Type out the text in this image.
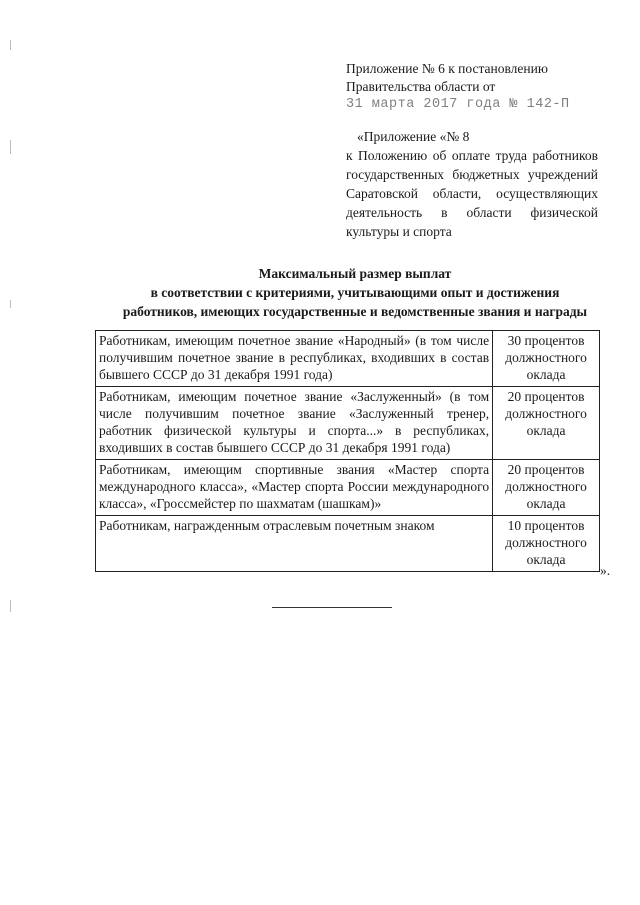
Приложение № 6 к постановлению
Правительства области от
31 марта 2017 года № 142-П
«Приложение «№ 8
к Положению об оплате труда работников государственных бюджетных учреждений Саратовской области, осуществляющих деятельность в области физической культуры и спорта
Максимальный размер выплат
в соответствии с критериями, учитывающими опыт и достижения
работников, имеющих государственные и ведомственные звания и награды
Работникам, имеющим почетное звание «Народный» (в том числе получившим почетное звание в республиках, входивших в состав бывшего СССР до 31 декабря 1991 года)	30 процентов должностного оклада
Работникам, имеющим почетное звание «Заслуженный» (в том числе получившим почетное звание «Заслуженный тренер, работник физической культуры и спорта...» в республиках, входивших в состав бывшего СССР до 31 декабря 1991 года)	20 процентов должностного оклада
Работникам, имеющим спортивные звания «Мастер спорта международного класса», «Мастер спорта России международного класса», «Гроссмейстер по шахматам (шашкам)»	20 процентов должностного оклада
Работникам, награжденным отраслевым почетным знаком	10 процентов должностного оклада
».
